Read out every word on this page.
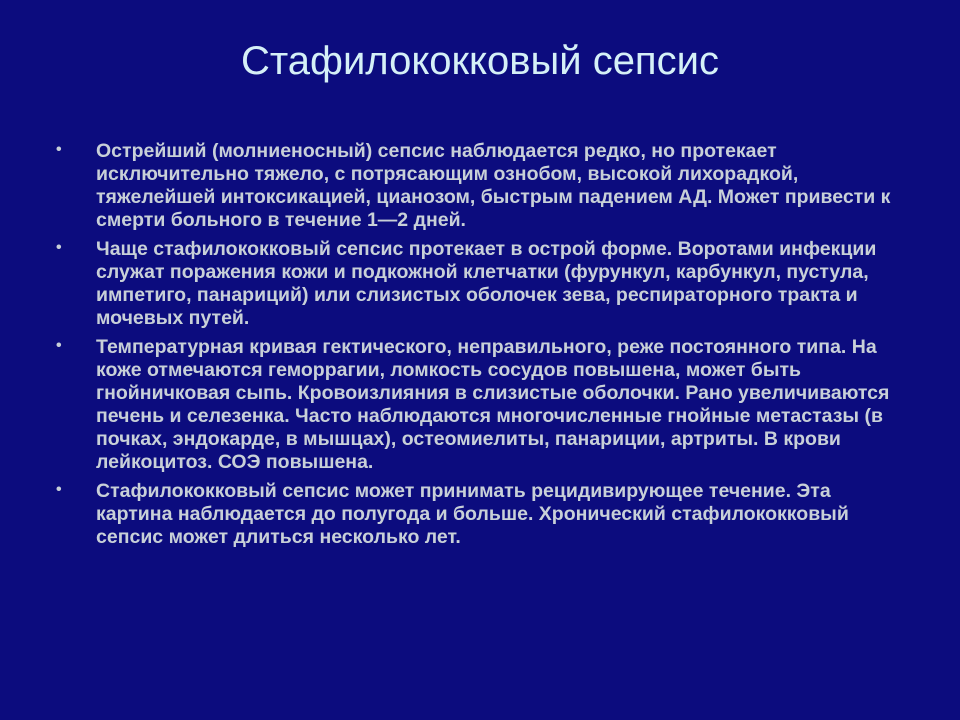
Стафилококковый сепсис
•	Острейший (молниеносный) сепсис наблюдается редко, но протекает исключительно тяжело, с потрясающим ознобом, высокой лихорадкой, тяжелейшей интоксикацией, цианозом, быстрым падением АД. Может привести к смерти больного в течение 1—2 дней.
•	Чаще стафилококковый сепсис протекает в острой форме. Воротами инфекции служат поражения кожи и подкожной клетчатки (фурункул, карбункул, пустула, импетиго, панариций) или слизистых оболочек зева, респираторного тракта и мочевых путей.
•	Температурная кривая гектического, неправильного, реже постоянного типа. На коже отмечаются геморрагии, ломкость сосудов повышена, может быть гнойничковая сыпь. Кровоизлияния в слизистые оболочки. Рано увеличиваются печень и селезенка. Часто наблюдаются многочисленные гнойные метастазы (в почках, эндокарде, в мышцах), остеомиелиты, панариции, артриты. В крови лейкоцитоз. СОЭ повышена.
•	Стафилококковый сепсис может принимать рецидивирующее течение. Эта картина наблюдается до полугода и больше. Хронический стафилококковый сепсис может длиться несколько лет.
